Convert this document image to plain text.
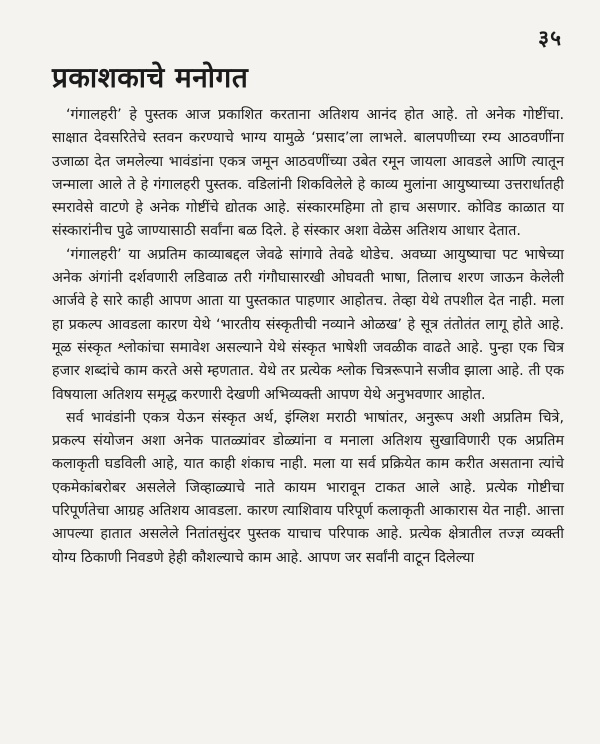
३५
प्रकाशकाचे मनोगत

‘गंगालहरी’ हे पुस्तक आज प्रकाशित करताना अतिशय आनंद होत आहे. तो अनेक गोष्टींचा. साक्षात देवसरितेचे स्तवन करण्याचे भाग्य यामुळे ‘प्रसाद’ला लाभले. बालपणीच्या रम्य आठवणींना उजाळा देत जमलेल्या भावंडांना एकत्र जमून आठवणींच्या उबेत रमून जायला आवडले आणि त्यातून जन्माला आले ते हे गंगालहरी पुस्तक. वडिलांनी शिकविलेले हे काव्य मुलांना आयुष्याच्या उत्तरार्धातही स्मरावेसे वाटणे हे अनेक गोष्टींचे द्योतक आहे. संस्कारमहिमा तो हाच असणार. कोविड काळात या संस्कारांनीच पुढे जाण्यासाठी सर्वांना बळ दिले. हे संस्कार अशा वेळेस अतिशय आधार देतात.

‘गंगालहरी’ या अप्रतिम काव्याबद्दल जेवढे सांगावे तेवढे थोडेच. अवघ्या आयुष्याचा पट भाषेच्या अनेक अंगांनी दर्शवणारी लडिवाळ तरी गंगौघासारखी ओघवती भाषा, तिलाच शरण जाऊन केलेली आर्जवे हे सारे काही आपण आता या पुस्तकात पाहणार आहोतच. तेव्हा येथे तपशील देत नाही. मला हा प्रकल्प आवडला कारण येथे ‘भारतीय संस्कृतीची नव्याने ओळख’ हे सूत्र तंतोतंत लागू होते आहे. मूळ संस्कृत श्लोकांचा समावेश असल्याने येथे संस्कृत भाषेशी जवळीक वाढते आहे. पुन्हा एक चित्र हजार शब्दांचे काम करते असे म्हणतात. येथे तर प्रत्येक श्लोक चित्ररूपाने सजीव झाला आहे. ती एक विषयाला अतिशय समृद्ध करणारी देखणी अभिव्यक्ती आपण येथे अनुभवणार आहोत.

सर्व भावंडांनी एकत्र येऊन संस्कृत अर्थ, इंग्लिश मराठी भाषांतर, अनुरूप अशी अप्रतिम चित्रे, प्रकल्प संयोजन अशा अनेक पातळ्यांवर डोळ्यांना व मनाला अतिशय सुखाविणारी एक अप्रतिम कलाकृती घडविली आहे, यात काही शंकाच नाही. मला या सर्व प्रक्रियेत काम करीत असताना त्यांचे एकमेकांबरोबर असलेले जिव्हाळ्याचे नाते कायम भारावून टाकत आले आहे. प्रत्येक गोष्टीचा परिपूर्णतेचा आग्रह अतिशय आवडला. कारण त्याशिवाय परिपूर्ण कलाकृती आकारास येत नाही. आत्ता आपल्या हातात असलेले नितांतसुंदर पुस्तक याचाच परिपाक आहे. प्रत्येक क्षेत्रातील तज्ज्ञ व्यक्ती योग्य ठिकाणी निवडणे हेही कौशल्याचे काम आहे. आपण जर सर्वांनी वाटून दिलेल्या
